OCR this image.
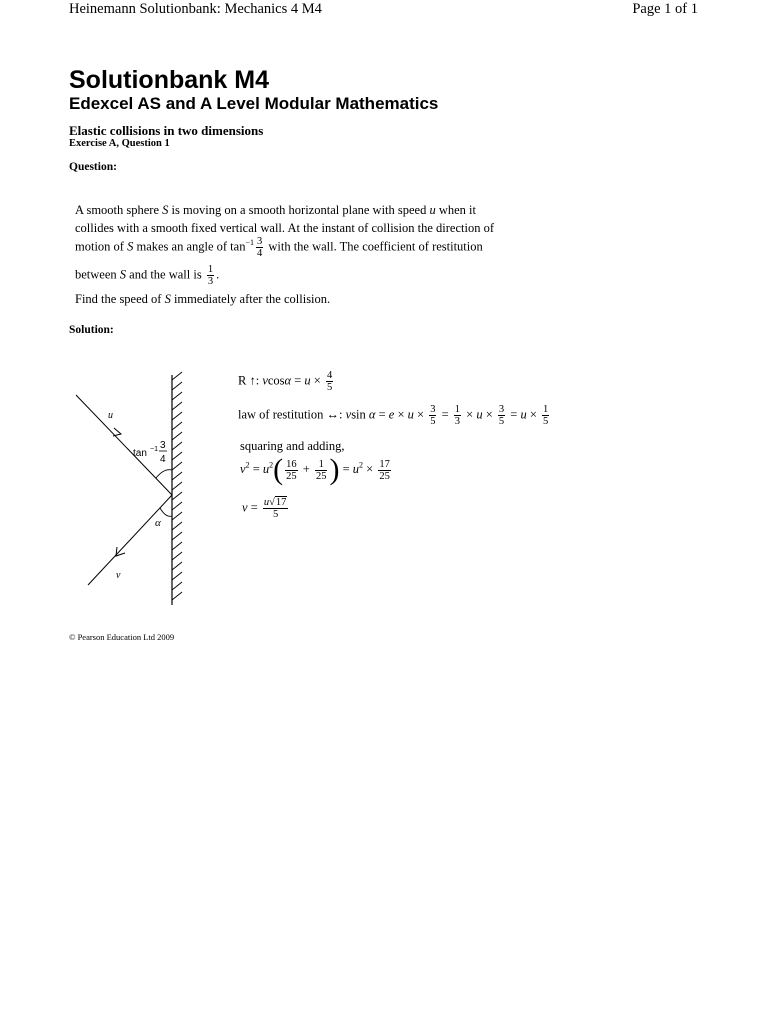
Heinemann Solutionbank: Mechanics 4 M4	Page 1 of 1
Solutionbank M4
Edexcel AS and A Level Modular Mathematics
Elastic collisions in two dimensions
Exercise A, Question 1
Question:
A smooth sphere S is moving on a smooth horizontal plane with speed u when it
collides with a smooth fixed vertical wall. At the instant of collision the direction of
motion of S makes an angle of $\tan^{-1} \frac{3}{4}$ with the wall. The coefficient of restitution
between S and the wall is $\frac{1}{3}$ .
Find the speed of S immediately after the collision.
Solution:
u
tan −1 3
4
α
v
R ↑: $vcos\alpha = u \times \frac{4}{5}$
law of restitution ↔: vsin $\alpha = e \times u \times \frac{3}{5} = \frac{1}{3} \times u \times \frac{3}{5} = u \times \frac{1}{5}$
squaring and adding,
$v^2 = u^2( \frac{16}{25} + \frac{1}{25}$ ) = $u^2 \times \frac{17}{25}$
$v = \frac{u√17}{5}$
© Pearson Education Ltd 2009
